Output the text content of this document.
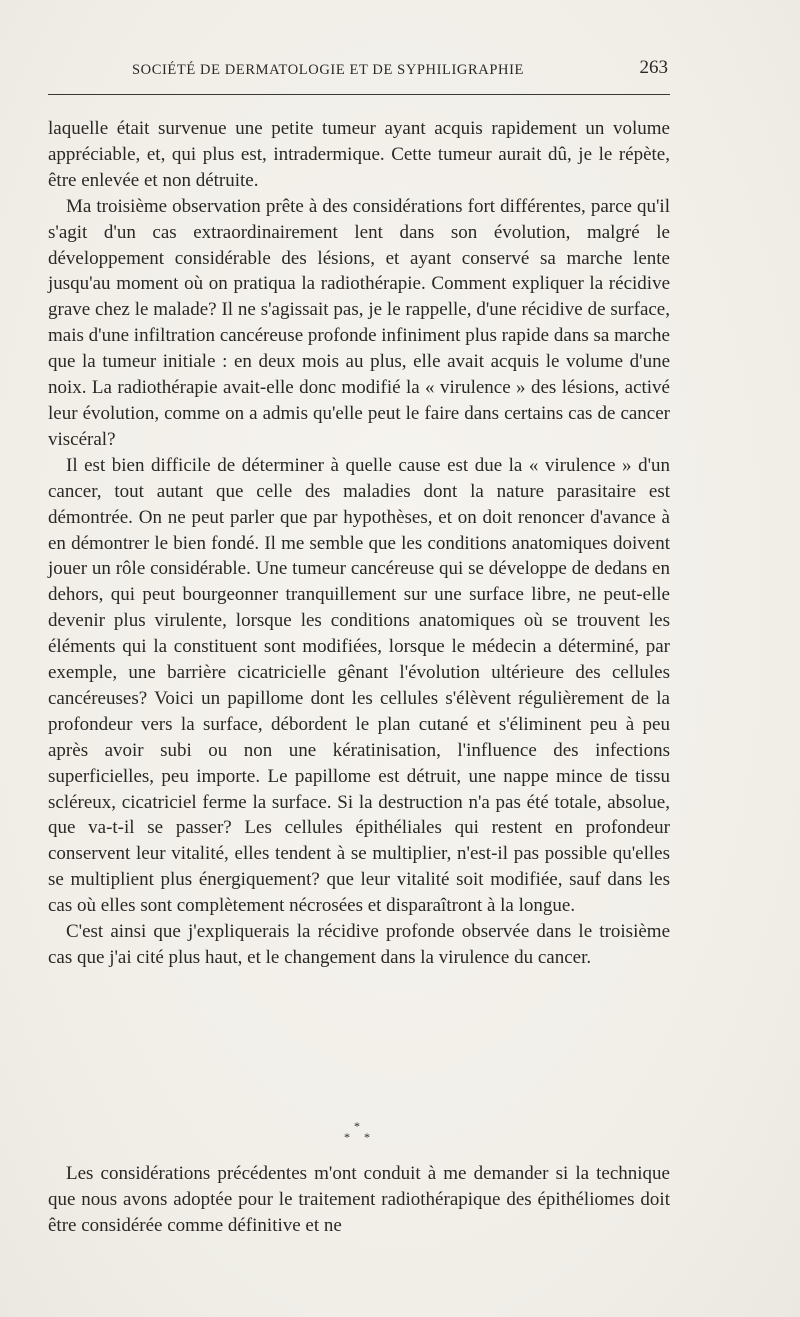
SOCIÉTÉ DE DERMATOLOGIE ET DE SYPHILIGRAPHIE	263

laquelle était survenue une petite tumeur ayant acquis rapidement un volume appréciable, et, qui plus est, intradermique. Cette tumeur aurait dû, je le répète, être enlevée et non détruite.

Ma troisième observation prête à des considérations fort différentes, parce qu'il s'agit d'un cas extraordinairement lent dans son évolution, malgré le développement considérable des lésions, et ayant conservé sa marche lente jusqu'au moment où on pratiqua la radiothérapie. Comment expliquer la récidive grave chez le malade? Il ne s'agissait pas, je le rappelle, d'une récidive de surface, mais d'une infiltration cancéreuse profonde infiniment plus rapide dans sa marche que la tumeur initiale : en deux mois au plus, elle avait acquis le volume d'une noix. La radiothérapie avait-elle donc modifié la « virulence » des lésions, activé leur évolution, comme on a admis qu'elle peut le faire dans certains cas de cancer viscéral?

Il est bien difficile de déterminer à quelle cause est due la « virulence » d'un cancer, tout autant que celle des maladies dont la nature parasitaire est démontrée. On ne peut parler que par hypothèses, et on doit renoncer d'avance à en démontrer le bien fondé. Il me semble que les conditions anatomiques doivent jouer un rôle considérable. Une tumeur cancéreuse qui se développe de dedans en dehors, qui peut bourgeonner tranquillement sur une surface libre, ne peut-elle devenir plus virulente, lorsque les conditions anatomiques où se trouvent les éléments qui la constituent sont modifiées, lorsque le médecin a déterminé, par exemple, une barrière cicatricielle gênant l'évolution ultérieure des cellules cancéreuses? Voici un papillome dont les cellules s'élèvent régulièrement de la profondeur vers la surface, débordent le plan cutané et s'éliminent peu à peu après avoir subi ou non une kératinisation, l'influence des infections superficielles, peu importe. Le papillome est détruit, une nappe mince de tissu scléreux, cicatriciel ferme la surface. Si la destruction n'a pas été totale, absolue, que va-t-il se passer? Les cellules épithéliales qui restent en profondeur conservent leur vitalité, elles tendent à se multiplier, n'est-il pas possible qu'elles se multiplient plus énergiquement? que leur vitalité soit modifiée, sauf dans les cas où elles sont complètement nécrosées et disparaîtront à la longue.

C'est ainsi que j'expliquerais la récidive profonde observée dans le troisième cas que j'ai cité plus haut, et le changement dans la virulence du cancer.

*
* *

Les considérations précédentes m'ont conduit à me demander si la technique que nous avons adoptée pour le traitement radiothérapique des épithéliomes doit être considérée comme définitive et ne
